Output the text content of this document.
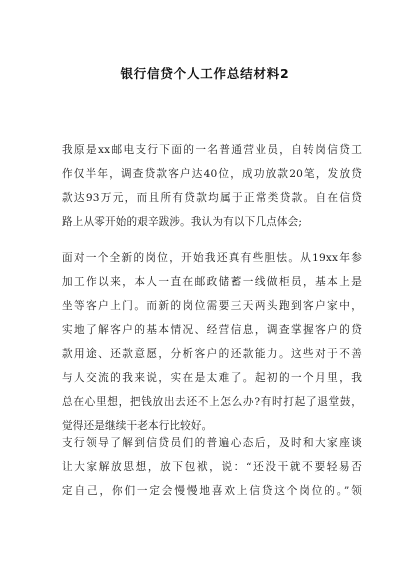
银行信贷个人工作总结材料2
我原是xx邮电支行下面的一名普通营业员，自转岗信贷工
作仅半年，调查贷款客户达40位，成功放款20笔，发放贷
款达93万元，而且所有贷款均属于正常类贷款。自在信贷
路上从零开始的艰辛跋涉。我认为有以下几点体会;
面对一个全新的岗位，开始我还真有些胆怯。从19xx年参
加工作以来，本人一直在邮政储蓄一线做柜员，基本上是
坐等客户上门。而新的岗位需要三天两头跑到客户家中，
实地了解客户的基本情况、经营信息，调查掌握客户的贷
款用途、还款意愿，分析客户的还款能力。这些对于不善
与人交流的我来说，实在是太难了。起初的一个月里，我
总在心里想，把钱放出去还不上怎么办?有时打起了退堂鼓，
觉得还是继续干老本行比较好。
支行领导了解到信贷员们的普遍心态后，及时和大家座谈
让大家解放思想，放下包袱，说：“还没干就不要轻易否
定自己，你们一定会慢慢地喜欢上信贷这个岗位的。”领
